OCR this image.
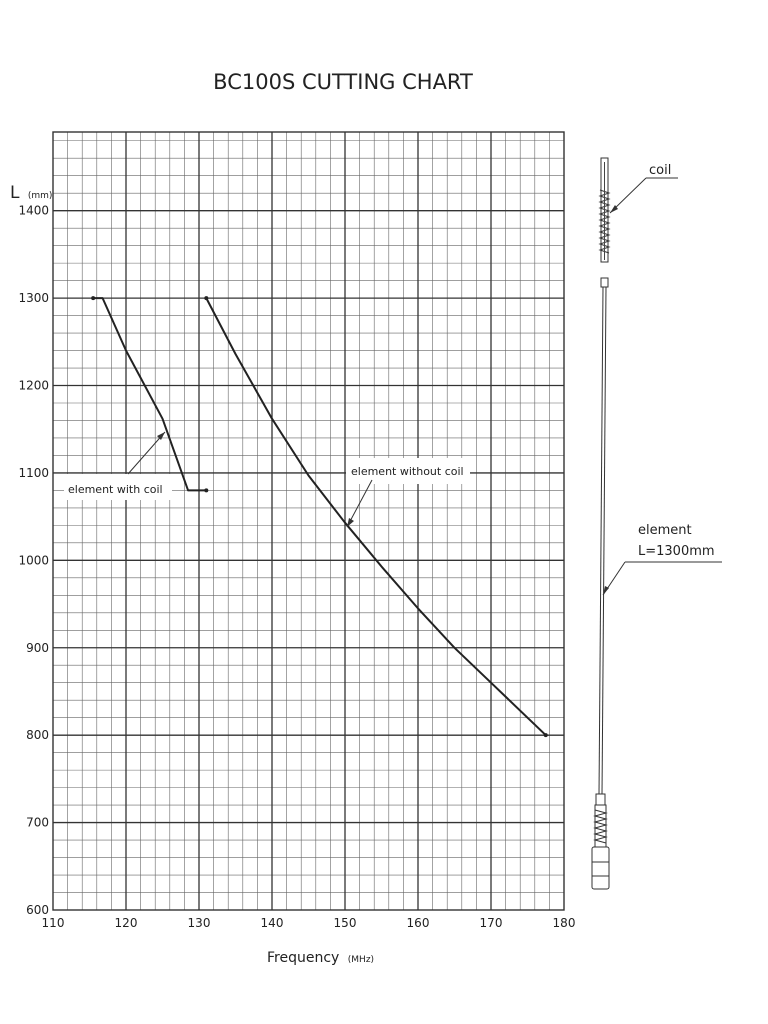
BC100S CUTTING CHART
110	120	130	140	150	160	170	180
600
700
800
900
1000
1100
1200
1300
1400
L (mm)
Frequency (MHz)
element with coil
element without coil
coil
element
L=1300mm
